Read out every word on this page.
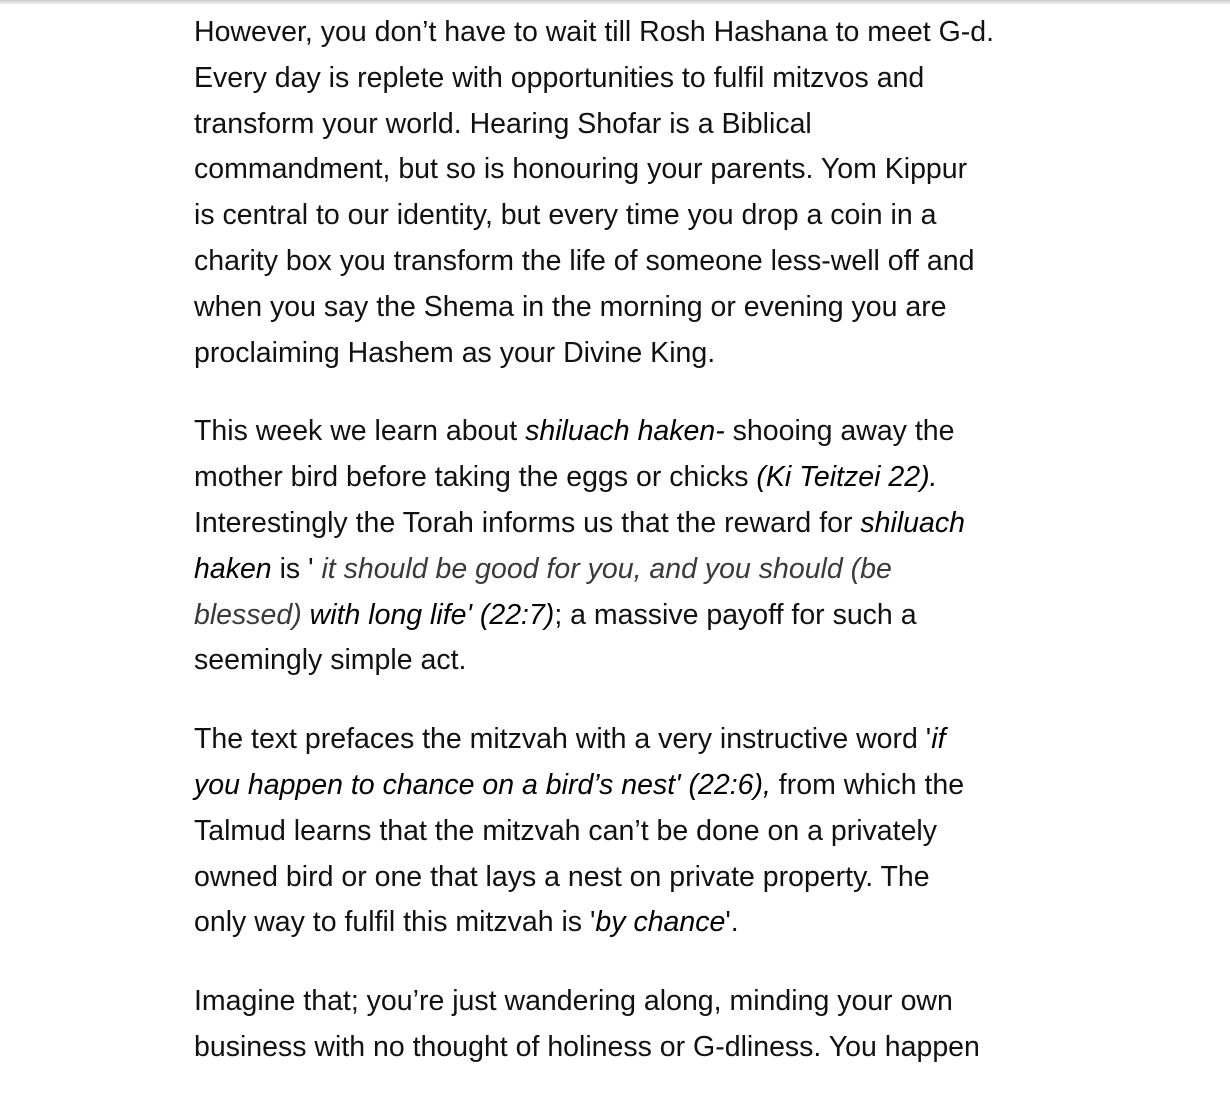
However, you don’t have to wait till Rosh Hashana to meet G-d.
Every day is replete with opportunities to fulfil mitzvos and
transform your world. Hearing Shofar is a Biblical
commandment, but so is honouring your parents. Yom Kippur
is central to our identity, but every time you drop a coin in a
charity box you transform the life of someone less-well off and
when you say the Shema in the morning or evening you are
proclaiming Hashem as your Divine King.

This week we learn about shiluach haken- shooing away the
mother bird before taking the eggs or chicks (Ki Teitzei 22).
Interestingly the Torah informs us that the reward for shiluach
haken is ' it should be good for you, and you should (be
blessed) with long life' (22:7); a massive payoff for such a
seemingly simple act.

The text prefaces the mitzvah with a very instructive word 'if
you happen to chance on a bird’s nest' (22:6), from which the
Talmud learns that the mitzvah can’t be done on a privately
owned bird or one that lays a nest on private property. The
only way to fulfil this mitzvah is 'by chance'.

Imagine that; you’re just wandering along, minding your own
business with no thought of holiness or G-dliness. You happen
